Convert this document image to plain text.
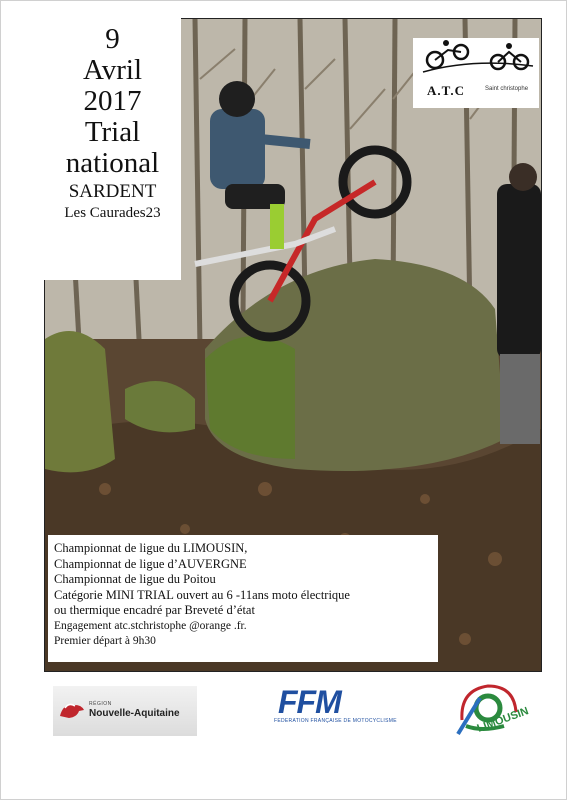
9
Avril
2017
Trial
national
SARDENT
Les Caurades23
A.T.C	Saint christophe
Championnat de ligue du LIMOUSIN,
Championnat de ligue d’AUVERGNE
Championnat de ligue du Poitou
Catégorie MINI TRIAL ouvert au 6 -11ans moto électrique
ou thermique encadré par Breveté d’état
Engagement atc.stchristophe @orange .fr.
Premier départ à 9h30
RÉGION
Nouvelle-Aquitaine	FFM
FEDERATION FRANÇAISE DE MOTOCYCLISME	LIMOUSIN
